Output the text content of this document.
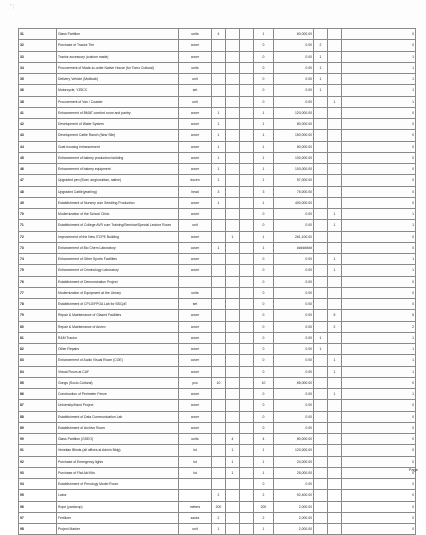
“ ;
31	Glass Partition	units	4			1	60,000.00			0
32	Purchase of Tractor Tire	cover				0	0.00	2		0
33	Tractor accessory (custom made)	cover				0	0.00	1		1
34	Procurement of Made-to-order Native House (for Tomo Cultural)	units				0	0.00	1		1
35	Delivery Vehicle (Multicab)	unit				0	0.00	1		1
36	Motorcycle, YZ5CC	set				0	0.00	1		1
38	Procurement of Van / Coaster	unit				0	0.00		1	1
41	Enhancement of BMAT comfort room and pantry	cover	1			1	120,000.00			0
42	Development of Water System	cover	1			1	80,000.00			0
43	Development Cattle Ranch (New Site)	cover	1			1	150,000.00			0
44	Goat housing enhancement	cover	1			1	80,000.00			0
45	Enhancement of bakery production building	cover	1			1	100,000.00			0
46	Enhancement of bakery equipment	cover	1			1	100,000.00			0
47	Upgraded pen (Boer, anglonubian, native)	dozen	1			1	57,000.00			0
48	Upgraded Cattle(yearling)	head	3			3	75,000.00			0
49	Establishment of Nursery cum Seedling Production	cover	1			1	400,000.00			0
70	Modernization of the School Clinic	cover				0	0.00		1	1
71	Establishment of College AVR cum Training/Seminar/Special Lecture Room	unit				0	0.00		1	1
72	Improvement of the New ITCPE Building	cover		1		1	261,100.00			0
73	Enhancement of Bio Chem Laboratory	cover	1			1	########			0
74	Enhancement of Other Sports Facilities	cover				0	0.00		1	1
75	Enhancement of Criminology Laboratory	cover				0	0.00		1	1
76	Establishment of Demonstration Project					0	0.00			0
77	Modernization of Equipment at the Library	units				0	0.00			0
78	Establishment of CPLD/FPGA Lab for BSCpE	set				0	0.00			0
79	Repair & Maintenance of Glazed Facilities	cover				0	0.00		5	5
80	Repair & Maintenance of Annex	cover				0	0.00		2	2
81	R&M Tractor	cover				0	0.00	1		1
82	Other Repairs	cover				0	0.00	1		1
83	Enhancement of Audio Visual Room (COE)	cover				0	0.00		1	1
84	Virtual Room at CAF	cover				0	0.00		1	1
85	Gongs (Socio-Cultural)	pcs	10			10	65,000.00			0
86	Construction of Perimeter Fence	cover				0	0.00		1	1
87	University/Hand Project	cover				0	0.00			0
88	Establishment of Data Communication Lab	cover				0	0.00			0
89	Establishment of Archive Room	cover				0	0.00			0
90	Glass Partition (GSEO)	units		4		4	80,000.00			0
91	Venetian Blinds (all offices at Admin Bldg)	lot		1		1	120,000.00			0
92	Purchase of Emergency lights	lot		1		1	24,000.00			0
93	Purchase of Flat Aid Kits	lot		1		1	25,000.00			0
94	Establishment of Penology Model Room					0	0.00			0
95	Labor		2			2	92,400.00			0
96	Rope (yardcrop)	meters	200			200	2,000.00			0
97	Fertilizer	sacks	2			2	2,000.00			0
98	Project Marker	unit	1			1	2,000.00			0
Page
